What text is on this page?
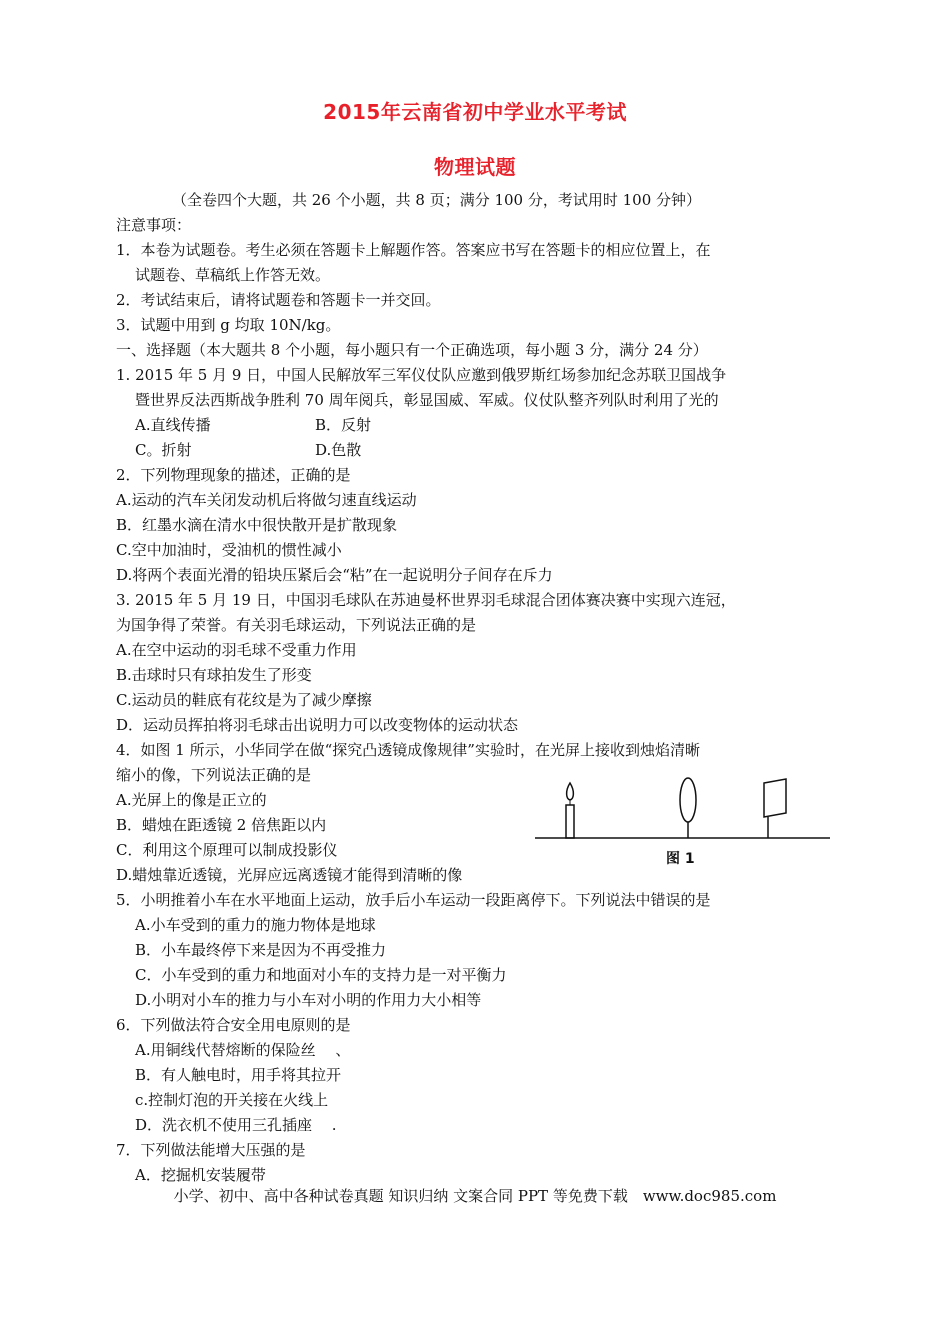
2015年云南省初中学业水平考试
物理试题
（全卷四个大题，共 26 个小题，共 8 页；满分 100 分，考试用时 100 分钟）
注意事项：
1．本卷为试题卷。考生必须在答题卡上解题作答。答案应书写在答题卡的相应位置上，在
试题卷、草稿纸上作答无效。
2．考试结束后，请将试题卷和答题卡一并交回。
3．试题中用到 g 均取 10N/kg。
一、选择题（本大题共 8 个小题，每小题只有一个正确选项，每小题 3 分，满分 24 分）
1. 2015 年 5 月 9 日，中国人民解放军三军仪仗队应邀到俄罗斯红场参加纪念苏联卫国战争
暨世界反法西斯战争胜利 70 周年阅兵，彰显国威、军威。仪仗队整齐列队时利用了光的
A.直线传播	B．反射
C。折射	D.色散
2．下列物理现象的描述，正确的是
A.运动的汽车关闭发动机后将做匀速直线运动
B．红墨水滴在清水中很快散开是扩散现象
C.空中加油时，受油机的惯性减小
D.将两个表面光滑的铅块压紧后会“粘”在一起说明分子间存在斥力
3. 2015 年 5 月 19 日，中国羽毛球队在苏迪曼杯世界羽毛球混合团体赛决赛中实现六连冠，
为国争得了荣誉。有关羽毛球运动，下列说法正确的是
A.在空中运动的羽毛球不受重力作用
B.击球时只有球拍发生了形变
C.运动员的鞋底有花纹是为了减少摩擦
D．运动员挥拍将羽毛球击出说明力可以改变物体的运动状态
4．如图 1 所示，小华同学在做“探究凸透镜成像规律”实验时，在光屏上接收到烛焰清晰
缩小的像，下列说法正确的是
A.光屏上的像是正立的
B．蜡烛在距透镜 2 倍焦距以内
C．利用这个原理可以制成投影仪
D.蜡烛靠近透镜，光屏应远离透镜才能得到清晰的像
图 1
5．小明推着小车在水平地面上运动，放手后小车运动一段距离停下。下列说法中错误的是
A.小车受到的重力的施力物体是地球
B．小车最终停下来是因为不再受推力
C．小车受到的重力和地面对小车的支持力是一对平衡力
D.小明对小车的推力与小车对小明的作用力大小相等
6．下列做法符合安全用电原则的是
A.用铜线代替熔断的保险丝　 、
B．有人触电时，用手将其拉开
c.控制灯泡的开关接在火线上
D．洗衣机不使用三孔插座　 .
7．下列做法能增大压强的是
A．挖掘机安装履带
小学、初中、高中各种试卷真题 知识归纳 文案合同 PPT 等免费下载　www.doc985.com
